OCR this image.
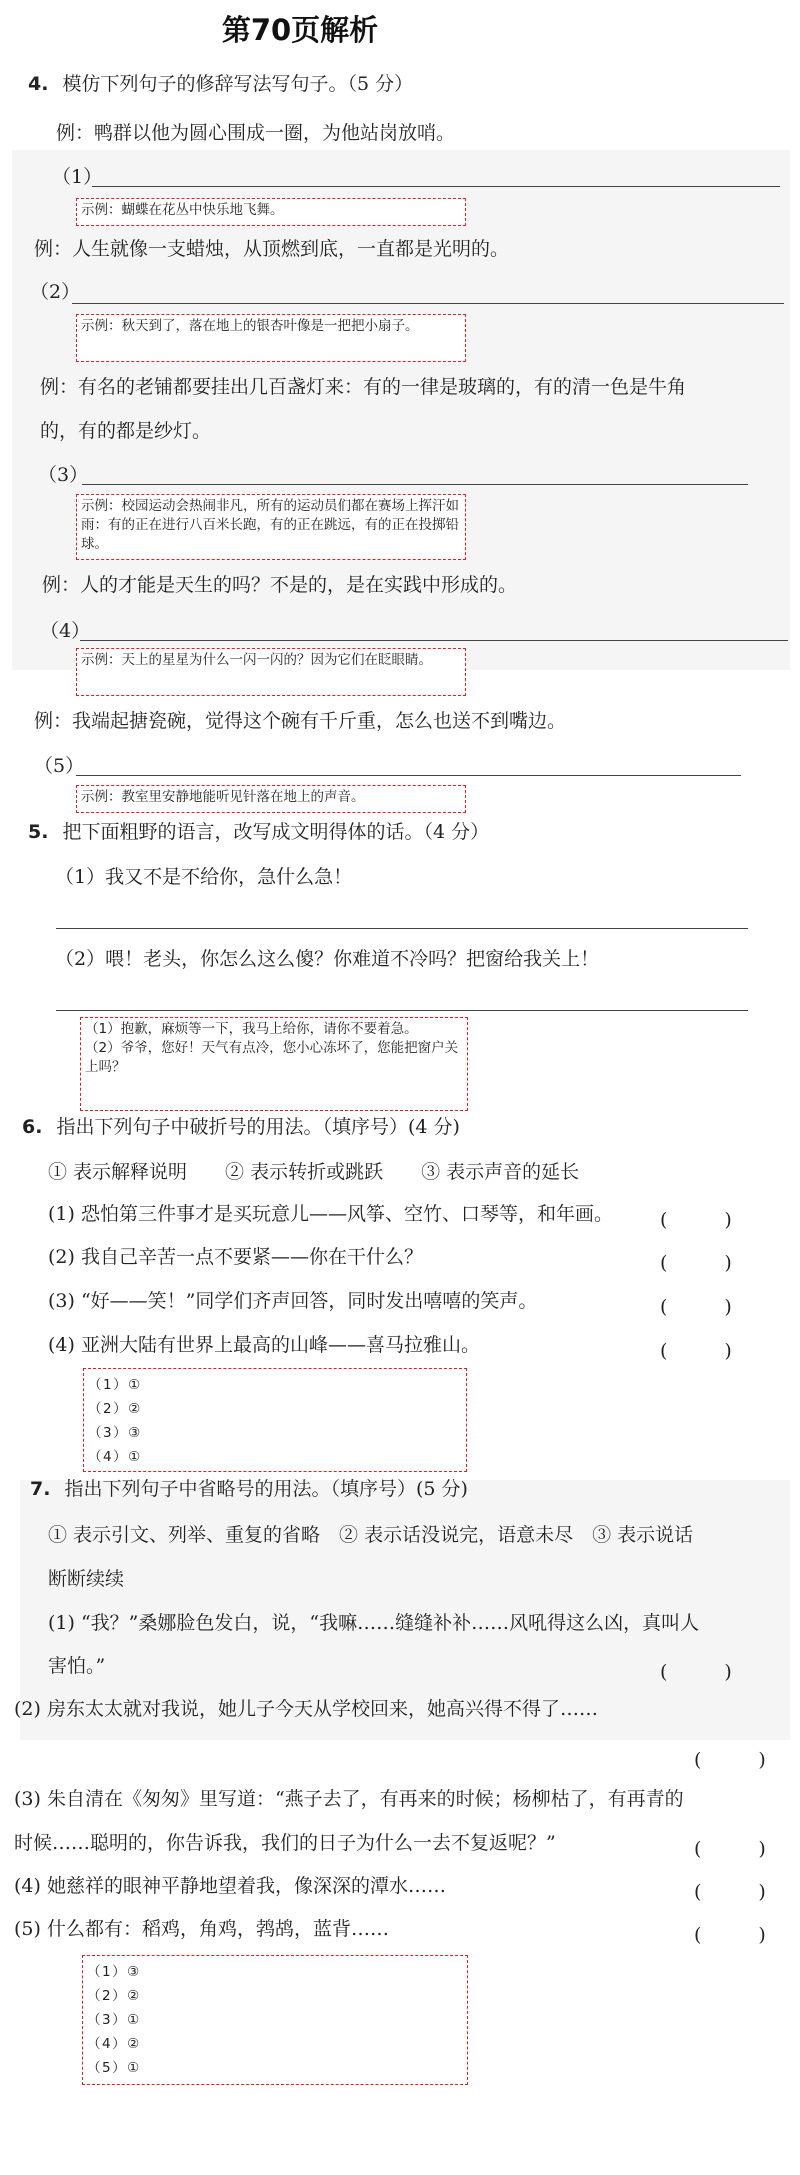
第70页解析
4. 模仿下列句子的修辞写法写句子。（5 分）
例：鸭群以他为圆心围成一圈，为他站岗放哨。
（1）
示例：蝴蝶在花丛中快乐地飞舞。
例：人生就像一支蜡烛，从顶燃到底，一直都是光明的。
（2）
示例：秋天到了，落在地上的银杏叶像是一把把小扇子。
例：有名的老铺都要挂出几百盏灯来：有的一律是玻璃的，有的清一色是牛角
的，有的都是纱灯。
（3）
示例：校园运动会热闹非凡，所有的运动员们都在赛场上挥汗如雨：有的正在进行八百米长跑，有的正在跳远，有的正在投掷铅球。
例：人的才能是天生的吗？不是的，是在实践中形成的。
（4）
示例：天上的星星为什么一闪一闪的？因为它们在眨眼睛。
例：我端起搪瓷碗，觉得这个碗有千斤重，怎么也送不到嘴边。
（5）
示例：教室里安静地能听见针落在地上的声音。
5. 把下面粗野的语言，改写成文明得体的话。（4 分）
（1）我又不是不给你，急什么急！
（2）喂！老头，你怎么这么傻？你难道不冷吗？把窗给我关上！
（1）抱歉，麻烦等一下，我马上给你，请你不要着急。
（2）爷爷，您好！天气有点冷，您小心冻坏了，您能把窗户关上吗？
6. 指出下列句子中破折号的用法。（填序号）(4 分)
① 表示解释说明　　② 表示转折或跳跃　　③ 表示声音的延长
(1) 恐怕第三件事才是买玩意儿——风筝、空竹、口琴等，和年画。 (　　　)
(2) 我自己辛苦一点不要紧——你在干什么？	(　　　)
(3) “好——笑！”同学们齐声回答，同时发出嘻嘻的笑声。	(　　　)
(4) 亚洲大陆有世界上最高的山峰——喜马拉雅山。	(　　　)
（1）①
（2）②
（3）③
（4）①
7. 指出下列句子中省略号的用法。（填序号）(5 分)
① 表示引文、列举、重复的省略　② 表示话没说完，语意未尽　③ 表示说话
断断续续
(1) “我？”桑娜脸色发白，说，“我嘛……缝缝补补……风吼得这么凶，真叫人
害怕。”	(　　　)
(2) 房东太太就对我说，她儿子今天从学校回来，她高兴得不得了……
(　　　)
(3) 朱自清在《匆匆》里写道：“燕子去了，有再来的时候；杨柳枯了，有再青的
时候……聪明的，你告诉我，我们的日子为什么一去不复返呢？”	(　　　)
(4) 她慈祥的眼神平静地望着我，像深深的潭水……	(　　　)
(5) 什么都有：稻鸡，角鸡，鹁鸪，蓝背……	(　　　)
（1）③
（2）②
（3）①
（4）②
（5）①
